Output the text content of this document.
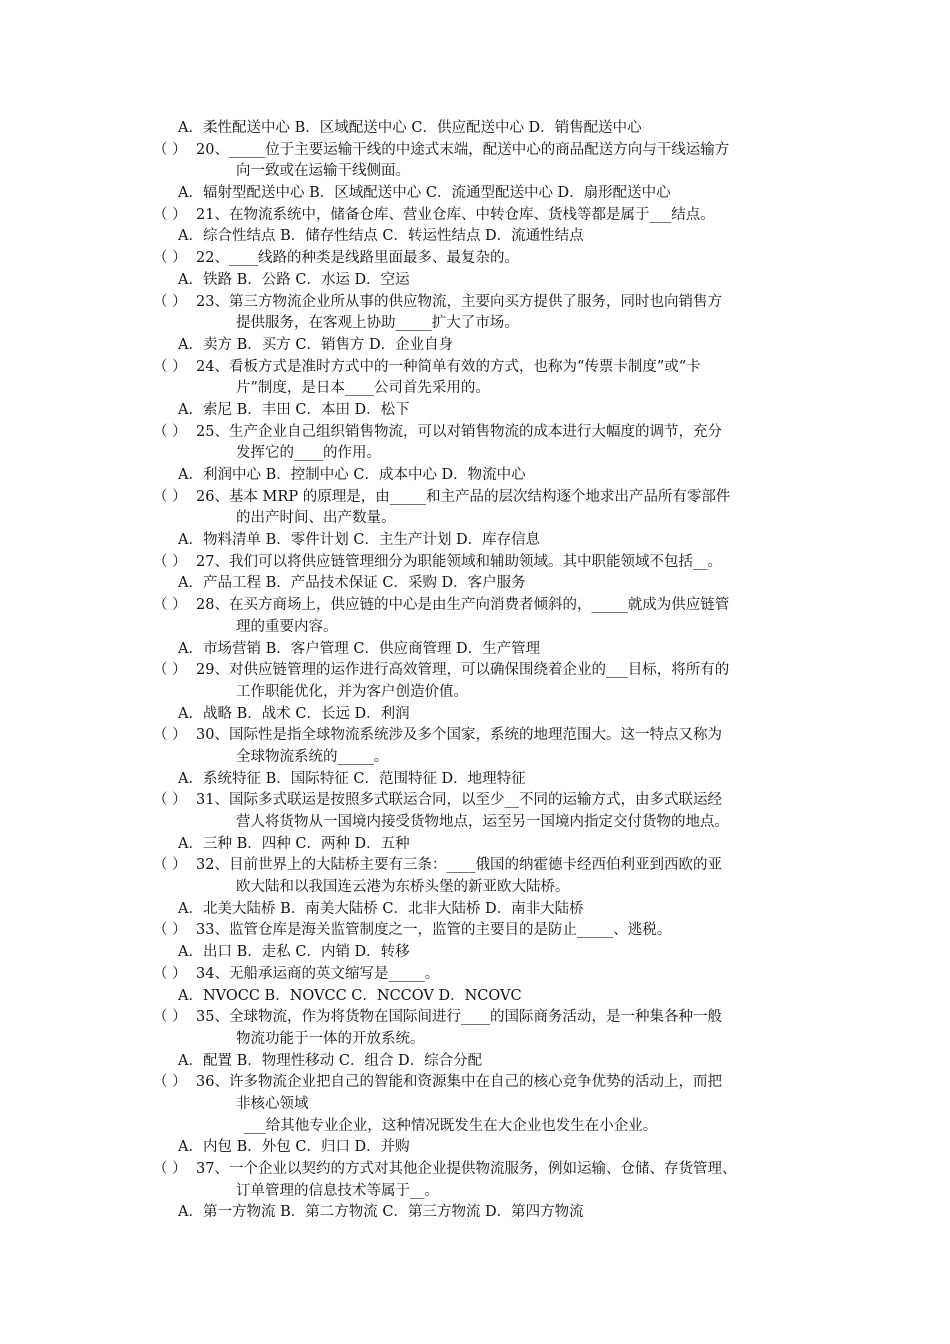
A．柔性配送中心 B．区域配送中心 C．供应配送中心 D．销售配送中心
（ ） 20、_____位于主要运输干线的中途式末端，配送中心的商品配送方向与干线运输方
向一致或在运输干线侧面。
A．辐射型配送中心 B．区域配送中心 C．流通型配送中心 D．扇形配送中心
（ ） 21、在物流系统中，储备仓库、营业仓库、中转仓库、货栈等都是属于___结点。
A．综合性结点 B．储存性结点 C．转运性结点 D．流通性结点
（ ） 22、____线路的种类是线路里面最多、最复杂的。
A．铁路 B．公路 C．水运 D．空运
（ ） 23、第三方物流企业所从事的供应物流，主要向买方提供了服务，同时也向销售方
提供服务，在客观上协助_____扩大了市场。
A．卖方 B．买方 C．销售方 D．企业自身
（ ） 24、看板方式是准时方式中的一种简单有效的方式，也称为“传票卡制度”或“卡
片”制度，是日本____公司首先采用的。
A．索尼 B．丰田 C．本田 D．松下
（ ） 25、生产企业自己组织销售物流，可以对销售物流的成本进行大幅度的调节，充分
发挥它的____的作用。
A．利润中心 B．控制中心 C．成本中心 D．物流中心
（ ） 26、基本 MRP 的原理是，由_____和主产品的层次结构逐个地求出产品所有零部件
的出产时间、出产数量。
A．物料清单 B．零件计划 C．主生产计划 D．库存信息
（ ） 27、我们可以将供应链管理细分为职能领域和辅助领域。其中职能领域不包括__。
A．产品工程 B．产品技术保证 C．采购 D．客户服务
（ ） 28、在买方商场上，供应链的中心是由生产向消费者倾斜的，_____就成为供应链管
理的重要内容。
A．市场营销 B．客户管理 C．供应商管理 D．生产管理
（ ） 29、对供应链管理的运作进行高效管理，可以确保围绕着企业的___目标，将所有的
工作职能优化，并为客户创造价值。
A．战略 B．战术 C．长远 D．利润
（ ） 30、国际性是指全球物流系统涉及多个国家，系统的地理范围大。这一特点又称为
全球物流系统的_____。
A．系统特征 B．国际特征 C．范围特征 D．地理特征
（ ） 31、国际多式联运是按照多式联运合同，以至少__不同的运输方式，由多式联运经
营人将货物从一国境内接受货物地点，运至另一国境内指定交付货物的地点。
A．三种 B．四种 C．两种 D．五种
（ ） 32、目前世界上的大陆桥主要有三条：____俄国的纳霍德卡经西伯利亚到西欧的亚
欧大陆和以我国连云港为东桥头堡的新亚欧大陆桥。
A．北美大陆桥 B．南美大陆桥 C．北非大陆桥 D．南非大陆桥
（ ） 33、监管仓库是海关监管制度之一，监管的主要目的是防止_____、逃税。
A．出口 B．走私 C．内销 D．转移
（ ） 34、无船承运商的英文缩写是_____。
A．NVOCC B．NOVCC C．NCCOV D．NCOVC
（ ） 35、全球物流，作为将货物在国际间进行____的国际商务活动，是一种集各种一般
物流功能于一体的开放系统。
A．配置 B．物理性移动 C．组合 D．综合分配
（ ） 36、许多物流企业把自己的智能和资源集中在自己的核心竞争优势的活动上，而把
非核心领域
___给其他专业企业，这种情况既发生在大企业也发生在小企业。
A．内包 B．外包 C．归口 D．并购
（ ） 37、一个企业以契约的方式对其他企业提供物流服务，例如运输、仓储、存货管理、
订单管理的信息技术等属于__。
A．第一方物流 B．第二方物流 C．第三方物流 D．第四方物流
